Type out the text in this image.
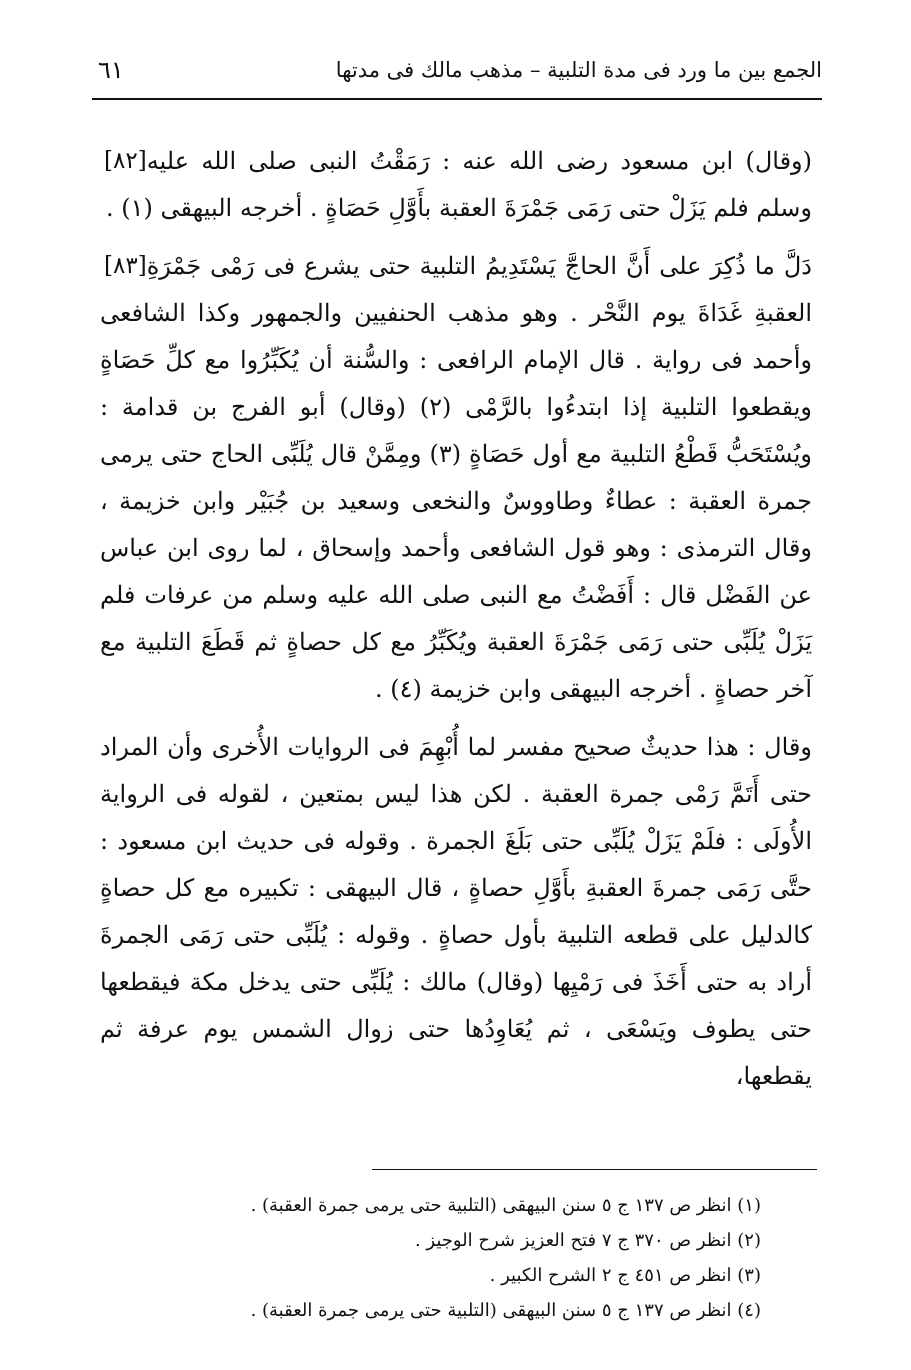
الجمع بين ما ورد فى مدة التلبية – مذهب مالك فى مدتها
٦١

[٨٢] (وقال) ابن مسعود رضى الله عنه : رَمَقْتُ النبى صلى الله عليه وسلم فلم يَزَلْ حتى رَمَى جَمْرَةَ العقبة بأَوَّلِ حَصَاةٍ . أخرجه البيهقى (١) .

[٨٣] دَلَّ ما ذُكِرَ على أَنَّ الحاجَّ يَسْتَدِيمُ التلبية حتى يشرع فى رَمْى جَمْرَةِ العقبةِ غَدَاةَ يوم النَّحْر . وهو مذهب الحنفيين والجمهور وكذا الشافعى وأحمد فى رواية . قال الإمام الرافعى : والسُّنة أن يُكَبِّرُوا مع كلِّ حَصَاةٍ ويقطعوا التلبية إذا ابتدءُوا بالرَّمْى (٢) (وقال) أبو الفرج بن قدامة : ويُسْتَحَبُّ قَطْعُ التلبية مع أول حَصَاةٍ (٣) ومِمَّنْ قال يُلَبِّى الحاج حتى يرمى جمرة العقبة : عطاءٌ وطاووسٌ والنخعى وسعيد بن جُبَيْر وابن خزيمة ، وقال الترمذى : وهو قول الشافعى وأحمد وإسحاق ، لما روى ابن عباس عن الفَضْل قال : أَفَضْتُ مع النبى صلى الله عليه وسلم من عرفات فلم يَزَلْ يُلَبِّى حتى رَمَى جَمْرَةَ العقبة ويُكَبِّرُ مع كل حصاةٍ ثم قَطَعَ التلبية مع آخر حصاةٍ . أخرجه البيهقى وابن خزيمة (٤) .

وقال : هذا حديثٌ صحيح مفسر لما أُبْهِمَ فى الروايات الأُخرى وأن المراد حتى أَتَمَّ رَمْى جمرة العقبة . لكن هذا ليس بمتعين ، لقوله فى الرواية الأُولَى : فلَمْ يَزَلْ يُلَبِّى حتى بَلَغَ الجمرة . وقوله فى حديث ابن مسعود : حتَّى رَمَى جمرةَ العقبةِ بأَوَّلِ حصاةٍ ، قال البيهقى : تكبيره مع كل حصاةٍ كالدليل على قطعه التلبية بأول حصاةٍ . وقوله : يُلَبِّى حتى رَمَى الجمرةَ أراد به حتى أَخَذَ فى رَمْيِها (وقال) مالك : يُلَبِّى حتى يدخل مكة فيقطعها حتى يطوف ويَسْعَى ، ثم يُعَاوِدُها حتى زوال الشمس يوم عرفة ثم يقطعها،

(١) انظر ص ١٣٧ ج ٥ سنن البيهقى (التلبية حتى يرمى جمرة العقبة) .
(٢) انظر ص ٣٧٠ ج ٧ فتح العزيز شرح الوجيز .
(٣) انظر ص ٤٥١ ج ٢ الشرح الكبير .
(٤) انظر ص ١٣٧ ج ٥ سنن البيهقى (التلبية حتى يرمى جمرة العقبة) .
